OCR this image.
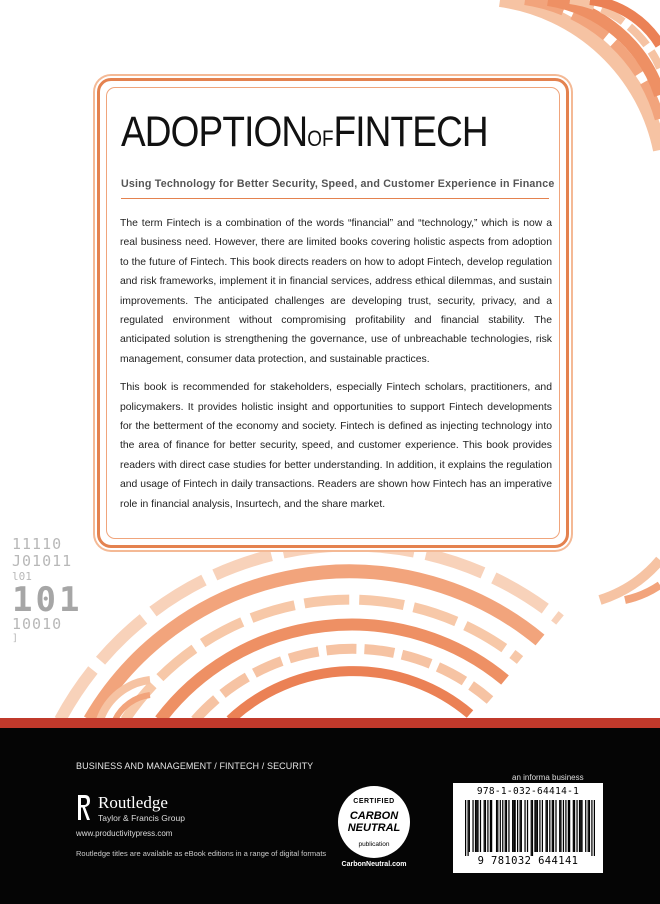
ADOPTIONOFFINTECH
Using Technology for Better Security, Speed, and Customer Experience in Finance

The term Fintech is a combination of the words “financial” and “technology,” which is now a real business need. However, there are limited books covering holistic aspects from adoption to the future of Fintech. This book directs readers on how to adopt Fintech, develop regulation and risk frameworks, implement it in financial services, address ethical dilemmas, and sustain improvements. The anticipated challenges are developing trust, security, privacy, and a regulated environment without compromising profitability and financial stability. The anticipated solution is strengthening the governance, use of unbreachable technologies, risk management, consumer data protection, and sustainable practices.

This book is recommended for stakeholders, especially Fintech scholars, practitioners, and policymakers. It provides holistic insight and opportunities to support Fintech developments for the betterment of the economy and society. Fintech is defined as injecting technology into the area of finance for better security, speed, and customer experience. This book provides readers with direct case studies for better understanding. In addition, it explains the regulation and usage of Fintech in daily transactions. Readers are shown how Fintech has an imperative role in financial analysis, Insurtech, and the share market.

11110
J01011
l01
101
10010
]
BUSINESS AND MANAGEMENT / FINTECH / SECURITY
Routledge
Taylor & Francis Group
www.productivitypress.com
Routledge titles are available as eBook editions in a range of digital formats
CERTIFIED
CARBON
NEUTRAL
publication
CarbonNeutral.com
an informa business
978-1-032-64414-1
9 781032 644141
